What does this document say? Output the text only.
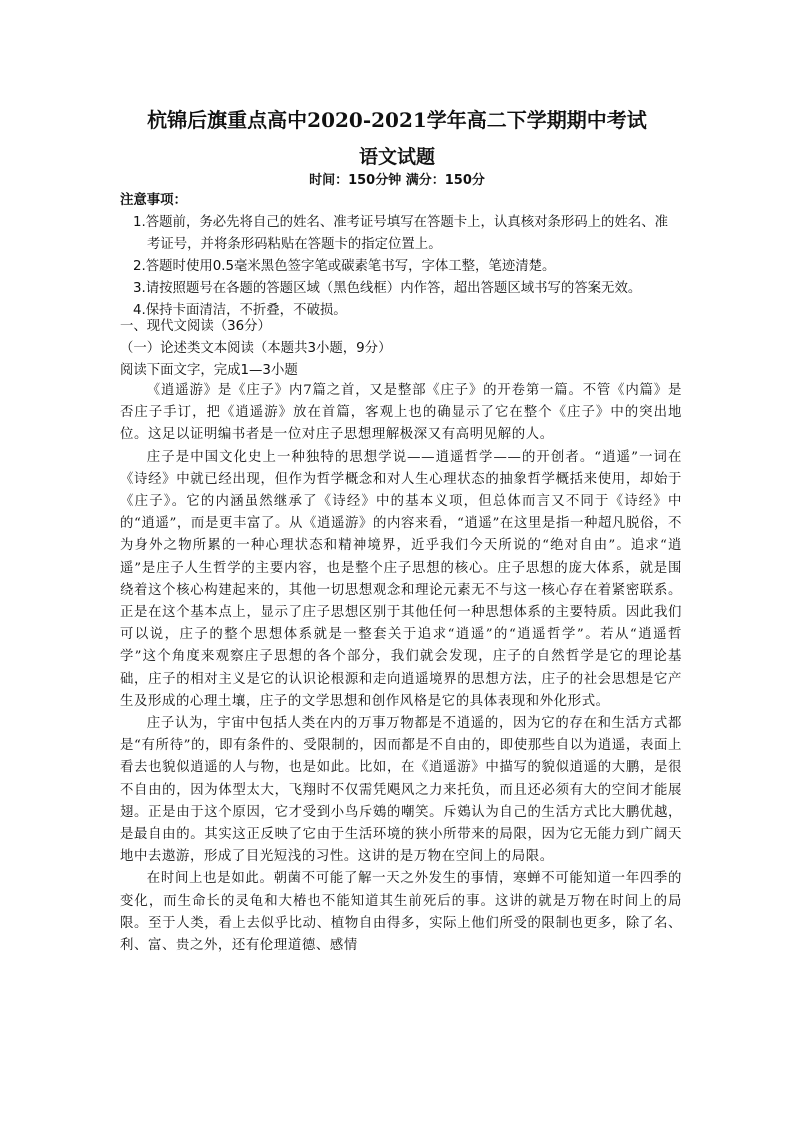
杭锦后旗重点高中2020-2021学年高二下学期期中考试
语文试题
时间：150分钟 满分：150分
注意事项：
1.答题前，务必先将自己的姓名、准考证号填写在答题卡上，认真核对条形码上的姓名、准考证号，并将条形码粘贴在答题卡的指定位置上。
2.答题时使用0.5毫米黑色签字笔或碳素笔书写，字体工整，笔迹清楚。
3.请按照题号在各题的答题区域（黑色线框）内作答，超出答题区域书写的答案无效。
4.保持卡面清洁，不折叠，不破损。
一、现代文阅读（36分）
（一）论述类文本阅读（本题共3小题，9分）
阅读下面文字，完成1—3小题

《逍遥游》是《庄子》内7篇之首，又是整部《庄子》的开卷第一篇。不管《内篇》是否庄子手订，把《逍遥游》放在首篇，客观上也的确显示了它在整个《庄子》中的突出地位。这足以证明编书者是一位对庄子思想理解极深又有高明见解的人。

庄子是中国文化史上一种独特的思想学说——逍遥哲学——的开创者。“逍遥”一词在《诗经》中就已经出现，但作为哲学概念和对人生心理状态的抽象哲学概括来使用，却始于《庄子》。它的内涵虽然继承了《诗经》中的基本义项，但总体而言又不同于《诗经》中的“逍遥”，而是更丰富了。从《逍遥游》的内容来看，“逍遥”在这里是指一种超凡脱俗，不为身外之物所累的一种心理状态和精神境界，近乎我们今天所说的“绝对自由”。追求“逍遥”是庄子人生哲学的主要内容，也是整个庄子思想的核心。庄子思想的庞大体系，就是围绕着这个核心构建起来的，其他一切思想观念和理论元素无不与这一核心存在着紧密联系。正是在这个基本点上，显示了庄子思想区别于其他任何一种思想体系的主要特质。因此我们可以说，庄子的整个思想体系就是一整套关于追求“逍遥”的“逍遥哲学”。若从“逍遥哲学”这个角度来观察庄子思想的各个部分，我们就会发现，庄子的自然哲学是它的理论基础，庄子的相对主义是它的认识论根源和走向逍遥境界的思想方法，庄子的社会思想是它产生及形成的心理土壤，庄子的文学思想和创作风格是它的具体表现和外化形式。

庄子认为，宇宙中包括人类在内的万事万物都是不逍遥的，因为它的存在和生活方式都是“有所待”的，即有条件的、受限制的，因而都是不自由的，即使那些自以为逍遥，表面上看去也貌似逍遥的人与物，也是如此。比如，在《逍遥游》中描写的貌似逍遥的大鹏，是很不自由的，因为体型太大，飞翔时不仅需凭飓风之力来托负，而且还必须有大的空间才能展翅。正是由于这个原因，它才受到小鸟斥鴳的嘲笑。斥鴳认为自己的生活方式比大鹏优越，是最自由的。其实这正反映了它由于生活环境的狭小所带来的局限，因为它无能力到广阔天地中去遨游，形成了目光短浅的习性。这讲的是万物在空间上的局限。

在时间上也是如此。朝菌不可能了解一天之外发生的事情，寒蝉不可能知道一年四季的变化，而生命长的灵龟和大椿也不能知道其生前死后的事。这讲的就是万物在时间上的局限。至于人类，看上去似乎比动、植物自由得多，实际上他们所受的限制也更多，除了名、利、富、贵之外，还有伦理道德、感情
